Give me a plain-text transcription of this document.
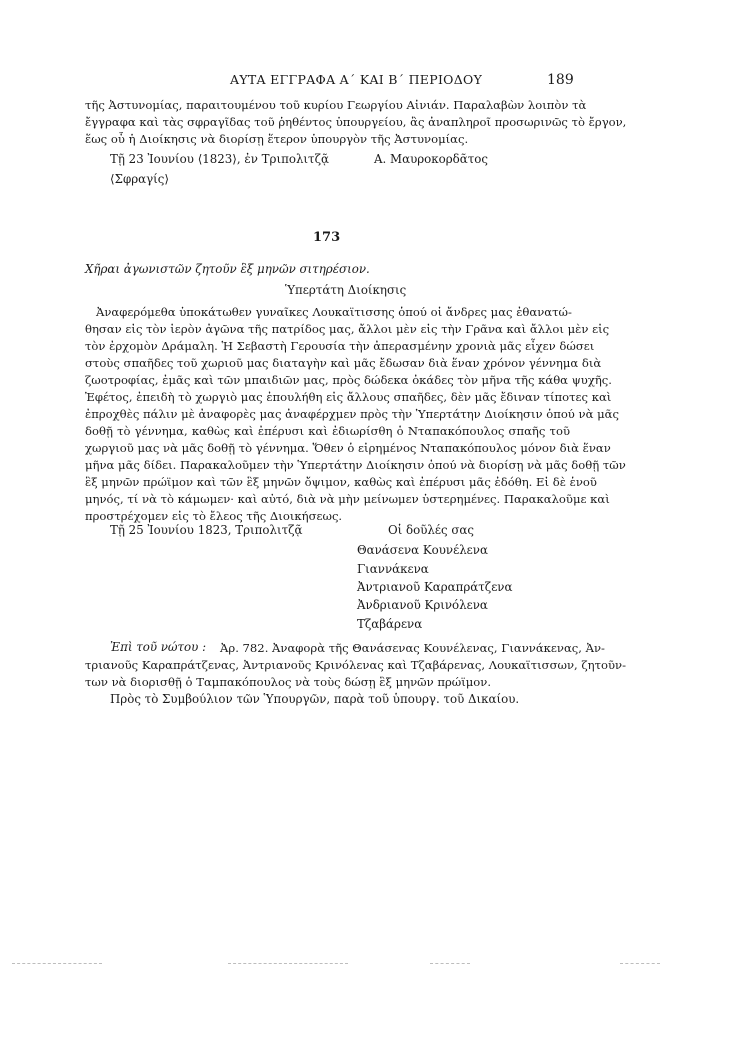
ΑΥΤΑ ΕΓΓΡΑΦΑ Α΄ ΚΑΙ Β΄ ΠΕΡΙΟΔΟΥ	189
τῆς Ἀστυνομίας, παραιτουμένου τοῦ κυρίου Γεωργίου Αἰνιάν. Παραλαβὼν λοιπὸν τὰ
ἔγγραφα καὶ τὰς σφραγῖδας τοῦ ῥηθέντος ὑπουργείου, ἂς ἀναπληροῖ προσωρινῶς τὸ ἔργον,
ἕως οὗ ἡ Διοίκησις νὰ διορίσῃ ἕτερον ὑπουργὸν τῆς Ἀστυνομίας.
Τῇ 23 Ἰουνίου ⟨1823⟩, ἐν Τριπολιτζᾷ	Α. Μαυροκορδᾶτος
⟨Σφραγίς⟩
173
Χῆραι ἀγωνιστῶν ζητοῦν ἓξ μηνῶν σιτηρέσιον.
Ὑπερτάτη Διοίκησις
Ἀναφερόμεθα ὑποκάτωθεν γυναῖκες Λουκαϊτισσης ὁπού οἱ ἄνδρες μας ἐθανατώ-
θησαν εἰς τὸν ἱερὸν ἀγῶνα τῆς πατρίδος μας, ἄλλοι μὲν εἰς τὴν Γρᾶνα καὶ ἄλλοι μὲν εἰς
τὸν ἐρχομὸν Δράμαλη. Ἡ Σεβαστὴ Γερουσία τὴν ἀπερασμένην χρονιὰ μᾶς εἶχεν δώσει
στοὺς σπαῆδες τοῦ χωριοῦ μας διαταγὴν καὶ μᾶς ἔδωσαν διὰ ἕναν χρόνον γέννημα διὰ
ζωοτροφίας, ἐμᾶς καὶ τῶν μπαιδιῶν μας, πρὸς δώδεκα ὀκάδες τὸν μῆνα τῆς κάθα ψυχῆς.
Ἐφέτος, ἐπειδὴ τὸ χωργιὸ μας ἐπουλήθη εἰς ἄλλους σπαῆδες, δὲν μᾶς ἔδιναν τίποτες καὶ
ἐπροχθὲς πάλιν μὲ ἀναφορὲς μας ἀναφέρχμεν πρὸς τὴν Ὑπερτάτην Διοίκησιν ὁπού νὰ μᾶς
δοθῇ τὸ γέννημα, καθὼς καὶ ἐπέρυσι καὶ ἐδιωρίσθη ὁ Νταπακόπουλος σπαῆς τοῦ
χωργιοῦ μας νὰ μᾶς δοθῇ τὸ γέννημα. Ὅθεν ὁ εἰρημένος Νταπακόπουλος μόνον διὰ ἕναν
μῆνα μᾶς δίδει. Παρακαλοῦμεν τὴν Ὑπερτάτην Διοίκησιν ὁπού νὰ διορίσῃ νὰ μᾶς δοθῇ τῶν
ἓξ μηνῶν πρώϊμον καὶ τῶν ἓξ μηνῶν ὄψιμον, καθὼς καὶ ἐπέρυσι μᾶς ἐδόθη. Εἰ δὲ ἑνοῦ
μηνός, τί νὰ τὸ κάμωμεν· καὶ αὐτό, διὰ νὰ μὴν μείνωμεν ὑστερημένες. Παρακαλοῦμε καὶ
προστρέχομεν εἰς τὸ ἔλεος τῆς Διοικήσεως.
Τῇ 25 Ἰουνίου 1823, Τριπολιτζᾷ	Οἱ δοῦλές σας
Θανάσενα Κουνέλενα
Γιαννάκενα
Ἀντριανοῦ Καραπράτζενα
Ἀνδριανοῦ Κρινόλενα
Τζαβάρενα
Ἐπὶ τοῦ νώτου : Ἀρ. 782. Ἀναφορὰ τῆς Θανάσενας Κουνέλενας, Γιαννάκενας, Ἀν-
τριανοῦς Καραπράτζενας, Ἀντριανοῦς Κρινόλενας καὶ Τζαβάρενας, Λουκαϊτισσων, ζητοῦν-
των νὰ διορισθῇ ὁ Ταμπακόπουλος νὰ τοὺς δώσῃ ἓξ μηνῶν πρώϊμον.
Πρὸς τὸ Συμβούλιον τῶν Ὑπουργῶν, παρὰ τοῦ ὑπουργ. τοῦ Δικαίου.
